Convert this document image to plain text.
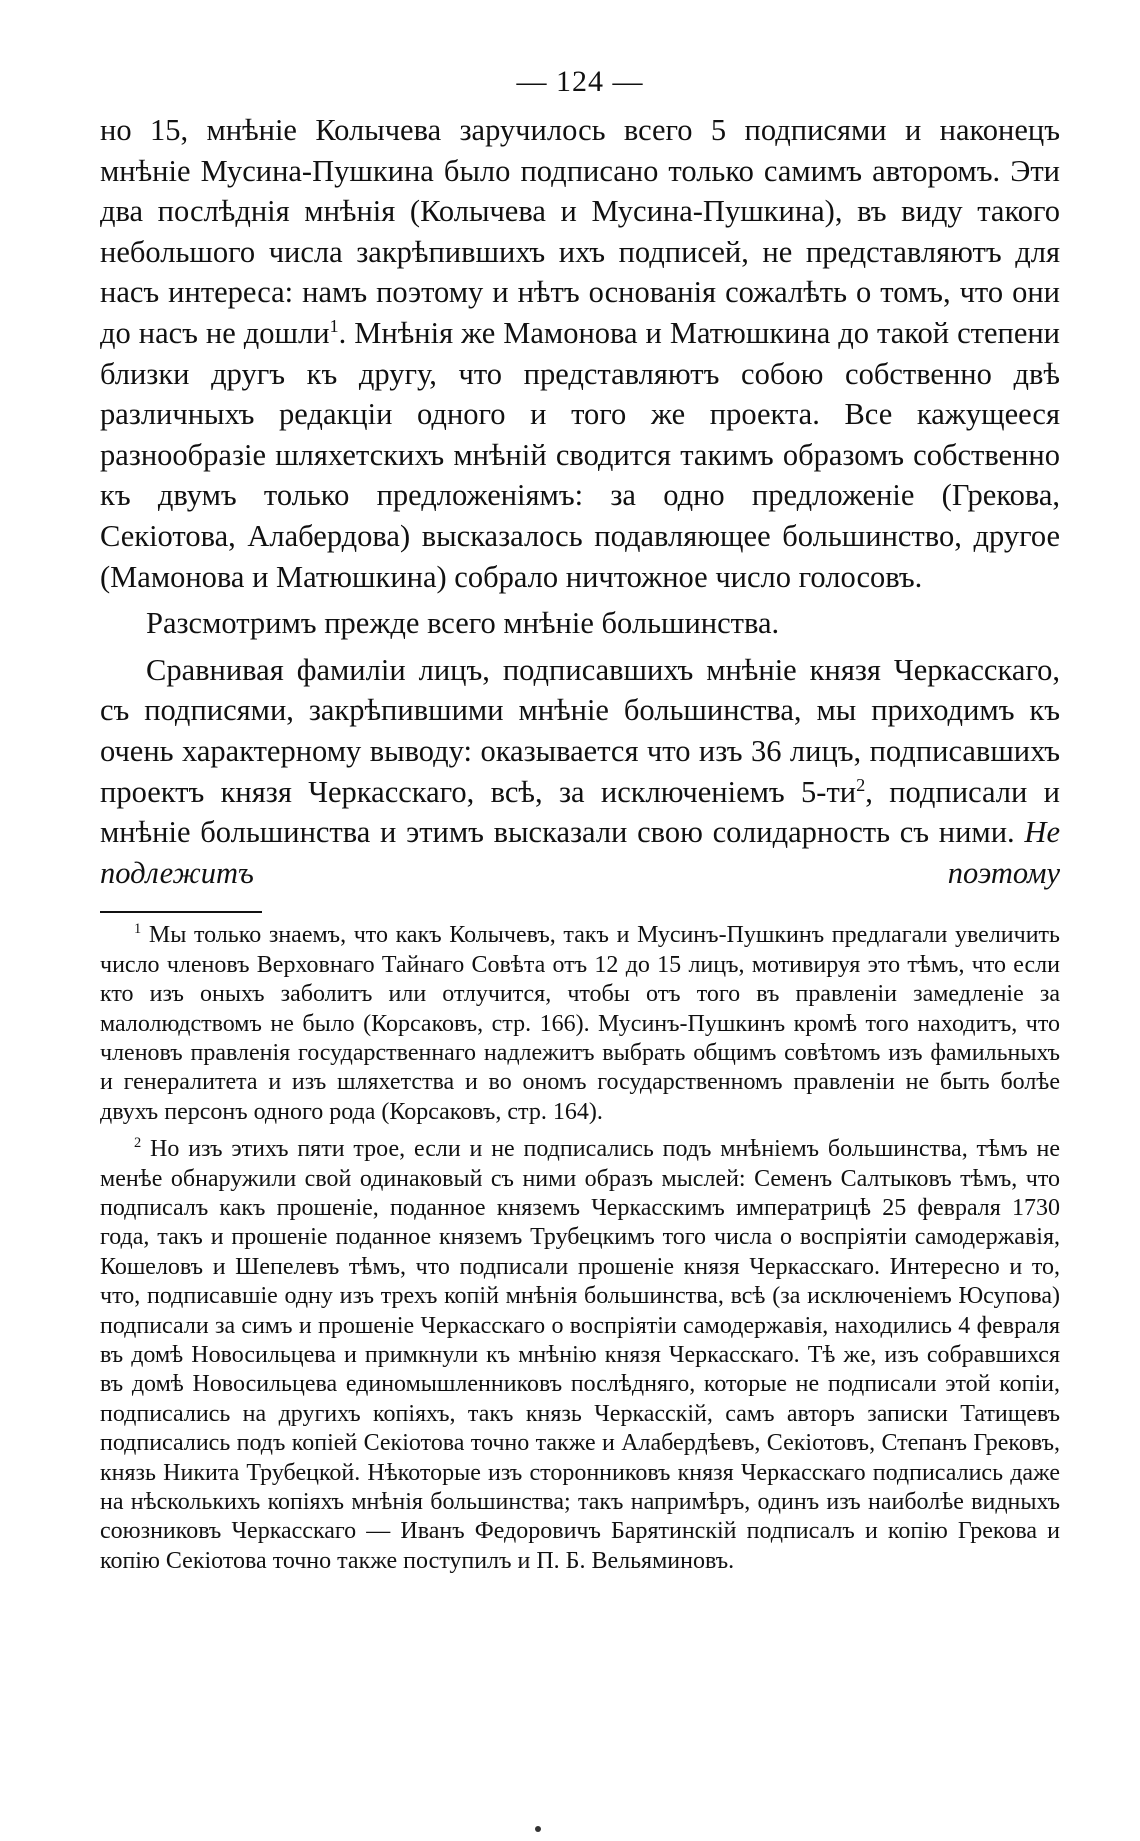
— 124 —

но 15, мнѣніе Колычева заручилось всего 5 подписями и наконецъ мнѣніе Мусина-Пушкина было подписано только самимъ авторомъ. Эти два послѣднія мнѣнія (Колычева и Мусина-Пушкина), въ виду такого небольшого числа закрѣпившихъ ихъ подписей, не представляютъ для насъ интереса: намъ поэтому и нѣтъ основанія сожалѣть о томъ, что они до насъ не дошли$^1$. Мнѣнія же Мамонова и Матюшкина до такой степени близки другъ къ другу, что представляютъ собою собственно двѣ различныхъ редакціи одного и того же проекта. Все кажущееся разнообразіе шляхетскихъ мнѣній сводится такимъ образомъ собственно къ двумъ только предложеніямъ: за одно предложеніе (Грекова, Секіотова, Алабердова) высказалось подавляющее большинство, другое (Мамонова и Матюшкина) собрало ничтожное число голосовъ.

Разсмотримъ прежде всего мнѣніе большинства.

Сравнивая фамиліи лицъ, подписавшихъ мнѣніе князя Черкасскаго, съ подписями, закрѣпившими мнѣніе большинства, мы приходимъ къ очень характерному выводу: оказывается что изъ 36 лицъ, подписавшихъ проектъ князя Черкасскаго, всѣ, за исключеніемъ $5-ти^2$, подписали и мнѣніе большинства и этимъ высказали свою солидарность съ ними. Не подлежитъ поэтому

$^1$ Мы только знаемъ, что какъ Колычевъ, такъ и Мусинъ-Пушкинъ предлагали увеличить число членовъ Верховнаго Тайнаго Совѣта отъ 12 до 15 лицъ, мотивируя это тѣмъ, что если кто изъ оныхъ заболитъ или отлучится, чтобы отъ того въ правленіи замедленіе за малолюдствомъ не было (Корсаковъ, стр. 166). Мусинъ-Пушкинъ кромѣ того находитъ, что членовъ правленія государственнаго надлежитъ выбрать общимъ совѣтомъ изъ фамильныхъ и генералитета и изъ шляхетства и во ономъ государственномъ правленіи не быть болѣе двухъ персонъ одного рода (Корсаковъ, стр. 164).

$^2$ Но изъ этихъ пяти трое, если и не подписались подъ мнѣніемъ большинства, тѣмъ не менѣе обнаружили свой одинаковый съ ними образъ мыслей: Семенъ Салтыковъ тѣмъ, что подписалъ какъ прошеніе, поданное княземъ Черкасскимъ императрицѣ 25 февраля 1730 года, такъ и прошеніе поданное княземъ Трубецкимъ того числа о воспріятіи самодержавія, Кошеловъ и Шепелевъ тѣмъ, что подписали прошеніе князя Черкасскаго. Интересно и то, что, подписавшіе одну изъ трехъ копій мнѣнія большинства, всѣ (за исключеніемъ Юсупова) подписали за симъ и прошеніе Черкасскаго о воспріятіи самодержавія, находились 4 февраля въ домѣ Новосильцева и примкнули къ мнѣнію князя Черкасскаго. Тѣ же, изъ собравшихся въ домѣ Новосильцева единомышленниковъ послѣдняго, которые не подписали этой копіи, подписались на другихъ копіяхъ, такъ князь Черкасскій, самъ авторъ записки Татищевъ подписались подъ копіей Секіотова точно также и Алабердѣевъ, Секіотовъ, Степанъ Грековъ, князь Никита Трубецкой. Нѣкоторые изъ сторонниковъ князя Черкасскаго подписались даже на нѣсколькихъ копіяхъ мнѣнія большинства; такъ напримѣръ, одинъ изъ наиболѣе видныхъ союзниковъ Черкасскаго — Иванъ Федоровичъ Барятинскій подписалъ и копію Грекова и копію Секіотова точно также поступилъ и П. Б. Вельяминовъ.
